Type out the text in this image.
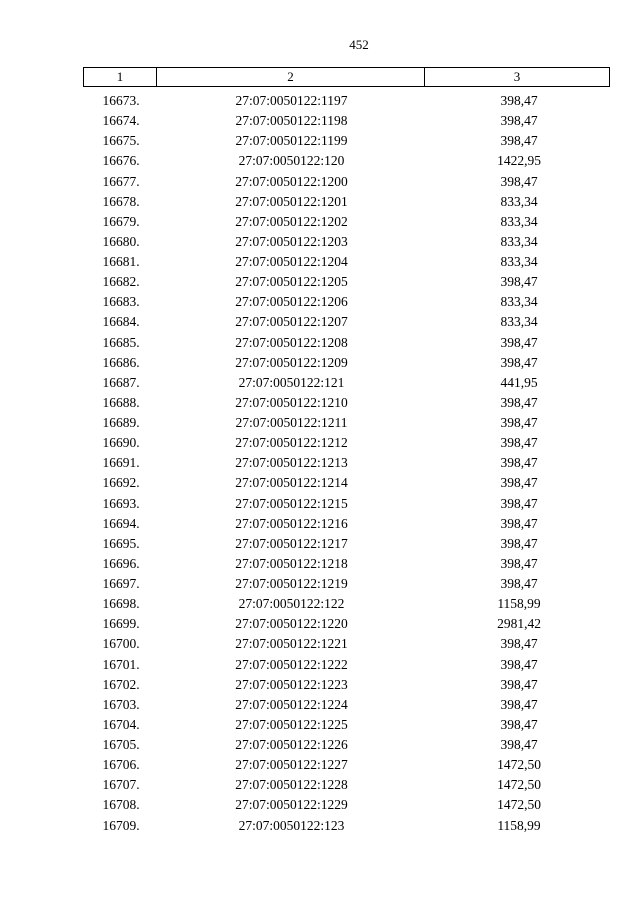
452
1	2	3
16673.	27:07:0050122:1197	398,47
16674.	27:07:0050122:1198	398,47
16675.	27:07:0050122:1199	398,47
16676.	27:07:0050122:120	1422,95
16677.	27:07:0050122:1200	398,47
16678.	27:07:0050122:1201	833,34
16679.	27:07:0050122:1202	833,34
16680.	27:07:0050122:1203	833,34
16681.	27:07:0050122:1204	833,34
16682.	27:07:0050122:1205	398,47
16683.	27:07:0050122:1206	833,34
16684.	27:07:0050122:1207	833,34
16685.	27:07:0050122:1208	398,47
16686.	27:07:0050122:1209	398,47
16687.	27:07:0050122:121	441,95
16688.	27:07:0050122:1210	398,47
16689.	27:07:0050122:1211	398,47
16690.	27:07:0050122:1212	398,47
16691.	27:07:0050122:1213	398,47
16692.	27:07:0050122:1214	398,47
16693.	27:07:0050122:1215	398,47
16694.	27:07:0050122:1216	398,47
16695.	27:07:0050122:1217	398,47
16696.	27:07:0050122:1218	398,47
16697.	27:07:0050122:1219	398,47
16698.	27:07:0050122:122	1158,99
16699.	27:07:0050122:1220	2981,42
16700.	27:07:0050122:1221	398,47
16701.	27:07:0050122:1222	398,47
16702.	27:07:0050122:1223	398,47
16703.	27:07:0050122:1224	398,47
16704.	27:07:0050122:1225	398,47
16705.	27:07:0050122:1226	398,47
16706.	27:07:0050122:1227	1472,50
16707.	27:07:0050122:1228	1472,50
16708.	27:07:0050122:1229	1472,50
16709.	27:07:0050122:123	1158,99
